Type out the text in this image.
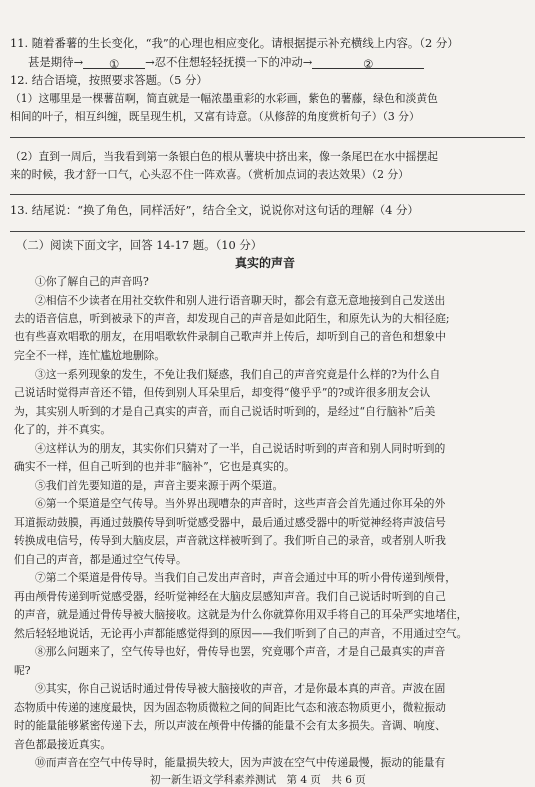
11. 随着番薯的生长变化，“我”的心理也相应变化。请根据提示补充横线上内容。（2 分）
甚是期待→ ① →忍不住想轻轻抚摸一下的冲动→	②
12. 结合语境，按照要求答题。（5 分）
（1）这哪里是一棵薯苗啊，简直就是一幅浓墨重彩的水彩画，紫色的薯藤，绿色和淡黄色
相间的叶子，相互纠缠，既呈现生机，又富有诗意。（从修辞的角度赏析句子）（3 分）
（2）直到一周后，当我看到第一条银白色的根从薯块中挤出来，像一条尾巴在水中摇摆起
来的时候，我才舒一口气，心头忍不住一阵欢喜。（赏析加点词的表达效果）（2 分）
13. 结尾说：“换了角色，同样活好”，结合全文，说说你对这句话的理解（4 分）
（二）阅读下面文字，回答 14-17 题。（10 分）
真实的声音
①你了解自己的声音吗?
②相信不少读者在用社交软件和别人进行语音聊天时，都会有意无意地接到自己发送出
去的语音信息，听到被录下的声音，却发现自己的声音是如此陌生，和原先认为的大相径庭;
也有些喜欢唱歌的朋友，在用唱歌软件录制自己歌声并上传后，却听到自己的音色和想象中
完全不一样，连忙尴尬地删除。
③这一系列现象的发生，不免让我们疑惑，我们自己的声音究竟是什么样的?为什么自
己说话时觉得声音还不错，但传到别人耳朵里后，却变得“傻乎乎”的?或许很多朋友会认
为，其实别人听到的才是自己真实的声音，而自己说话时听到的，是经过“自行脑补”后美
化了的，并不真实。
④这样认为的朋友，其实你们只猜对了一半，自己说话时听到的声音和别人同时听到的
确实不一样，但自己听到的也并非“脑补”，它也是真实的。
⑤我们首先要知道的是，声音主要来源于两个渠道。
⑥第一个渠道是空气传导。当外界出现嘈杂的声音时，这些声音会首先通过你耳朵的外
耳道振动鼓膜，再通过鼓膜传导到听觉感受器中，最后通过感受器中的听觉神经将声波信号
转换成电信号，传导到大脑皮层，声音就这样被听到了。我们听自己的录音，或者别人听我
们自己的声音，都是通过空气传导。
⑦第二个渠道是骨传导。当我们自己发出声音时，声音会通过中耳的听小骨传递到颅骨，
再由颅骨传递到听觉感受器，经听觉神经在大脑皮层感知声音。我们自己说话时听到的自己
的声音，就是通过骨传导被大脑接收。这就是为什么你就算你用双手将自己的耳朵严实地堵住，
然后轻轻地说话，无论再小声都能感觉得到的原因——我们听到了自己的声音，不用通过空气。
⑧那么问题来了，空气传导也好，骨传导也罢，究竟哪个声音，才是自己最真实的声音
呢?
⑨其实，你自己说话时通过骨传导被大脑接收的声音，才是你最本真的声音。声波在固
态物质中传递的速度最快，因为固态物质微粒之间的间距比气态和液态物质更小，微粒振动
时的能量能够紧密传递下去，所以声波在颅骨中传播的能量不会有太多损失。音调、响度、
音色都最接近真实。
⑩而声音在空气中传导时，能量损失较大，因为声波在空气中传递最慢，振动的能量有
初一新生语文学科素养测试　第 4 页　共 6 页
